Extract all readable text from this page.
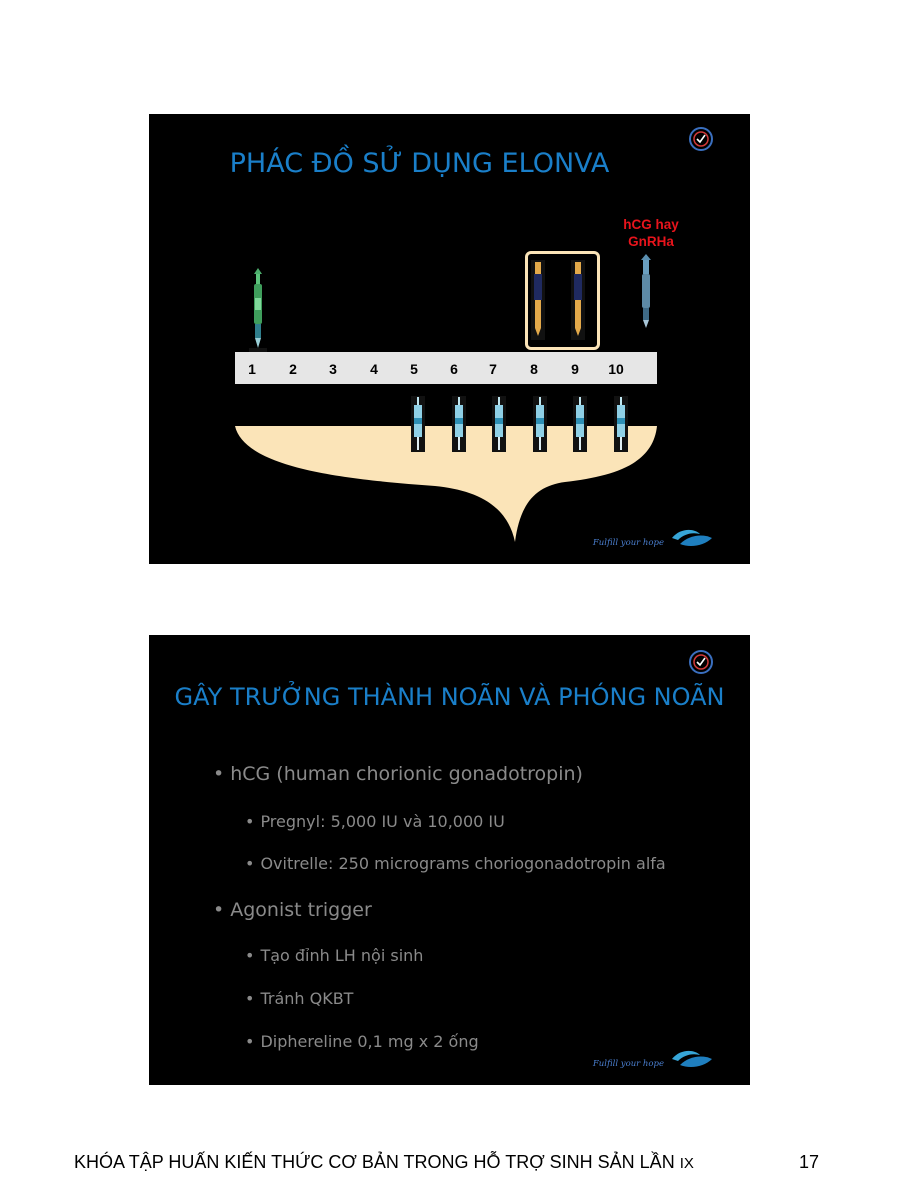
PHÁC ĐỒ SỬ DỤNG ELONVA
hCG hay
GnRHa
1	2	3	4	5	6	7	8	9	10
Fulfill your hope
GÂY TRƯỞNG THÀNH NOÃN VÀ PHÓNG NOÃN
• hCG (human chorionic gonadotropin)
• Pregnyl: 5,000 IU và 10,000 IU
• Ovitrelle: 250 micrograms choriogonadotropin alfa
• Agonist trigger
• Tạo đỉnh LH nội sinh
• Tránh QKBT
• Diphereline 0,1 mg x 2 ống
Fulfill your hope
KHÓA TẬP HUẤN KIẾN THỨC CƠ BẢN TRONG HỖ TRỢ SINH SẢN LẦN IX	17
